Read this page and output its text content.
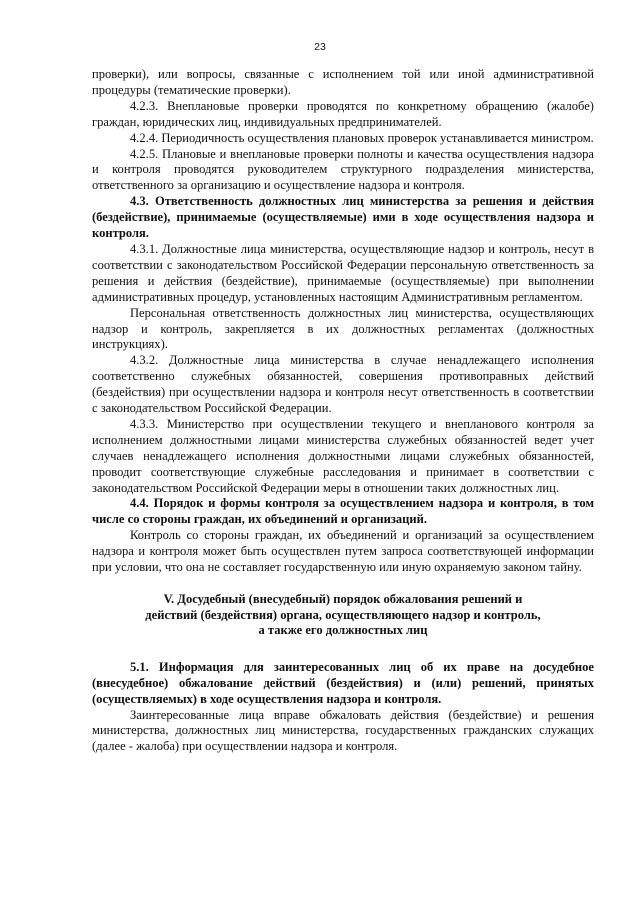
23

проверки), или вопросы, связанные с исполнением той или иной административной процедуры (тематические проверки).

4.2.3. Внеплановые проверки проводятся по конкретному обращению (жалобе) граждан, юридических лиц, индивидуальных предпринимателей.

4.2.4. Периодичность осуществления плановых проверок устанавливается министром.

4.2.5. Плановые и внеплановые проверки полноты и качества осуществления надзора и контроля проводятся руководителем структурного подразделения министерства, ответственного за организацию и осуществление надзора и контроля.

4.3. Ответственность должностных лиц министерства за решения и действия (бездействие), принимаемые (осуществляемые) ими в ходе осуществления надзора и контроля.

4.3.1. Должностные лица министерства, осуществляющие надзор и контроль, несут в соответствии с законодательством Российской Федерации персональную ответственность за решения и действия (бездействие), принимаемые (осуществляемые) при выполнении административных процедур, установленных настоящим Административным регламентом.

Персональная ответственность должностных лиц министерства, осуществляющих надзор и контроль, закрепляется в их должностных регламентах (должностных инструкциях).

4.3.2. Должностные лица министерства в случае ненадлежащего исполнения соответственно служебных обязанностей, совершения противоправных действий (бездействия) при осуществлении надзора и контроля несут ответственность в соответствии с законодательством Российской Федерации.

4.3.3. Министерство при осуществлении текущего и внепланового контроля за исполнением должностными лицами министерства служебных обязанностей ведет учет случаев ненадлежащего исполнения должностными лицами служебных обязанностей, проводит соответствующие служебные расследования и принимает в соответствии с законодательством Российской Федерации меры в отношении таких должностных лиц.

4.4. Порядок и формы контроля за осуществлением надзора и контроля, в том числе со стороны граждан, их объединений и организаций.

Контроль со стороны граждан, их объединений и организаций за осуществлением надзора и контроля может быть осуществлен путем запроса соответствующей информации при условии, что она не составляет государственную или иную охраняемую законом тайну.

V. Досудебный (внесудебный) порядок обжалования решений и
действий (бездействия) органа, осуществляющего надзор и контроль,
а также его должностных лиц

5.1. Информация для заинтересованных лиц об их праве на досудебное (внесудебное) обжалование действий (бездействия) и (или) решений, принятых (осуществляемых) в ходе осуществления надзора и контроля.

Заинтересованные лица вправе обжаловать действия (бездействие) и решения министерства, должностных лиц министерства, государственных гражданских служащих (далее - жалоба) при осуществлении надзора и контроля.
